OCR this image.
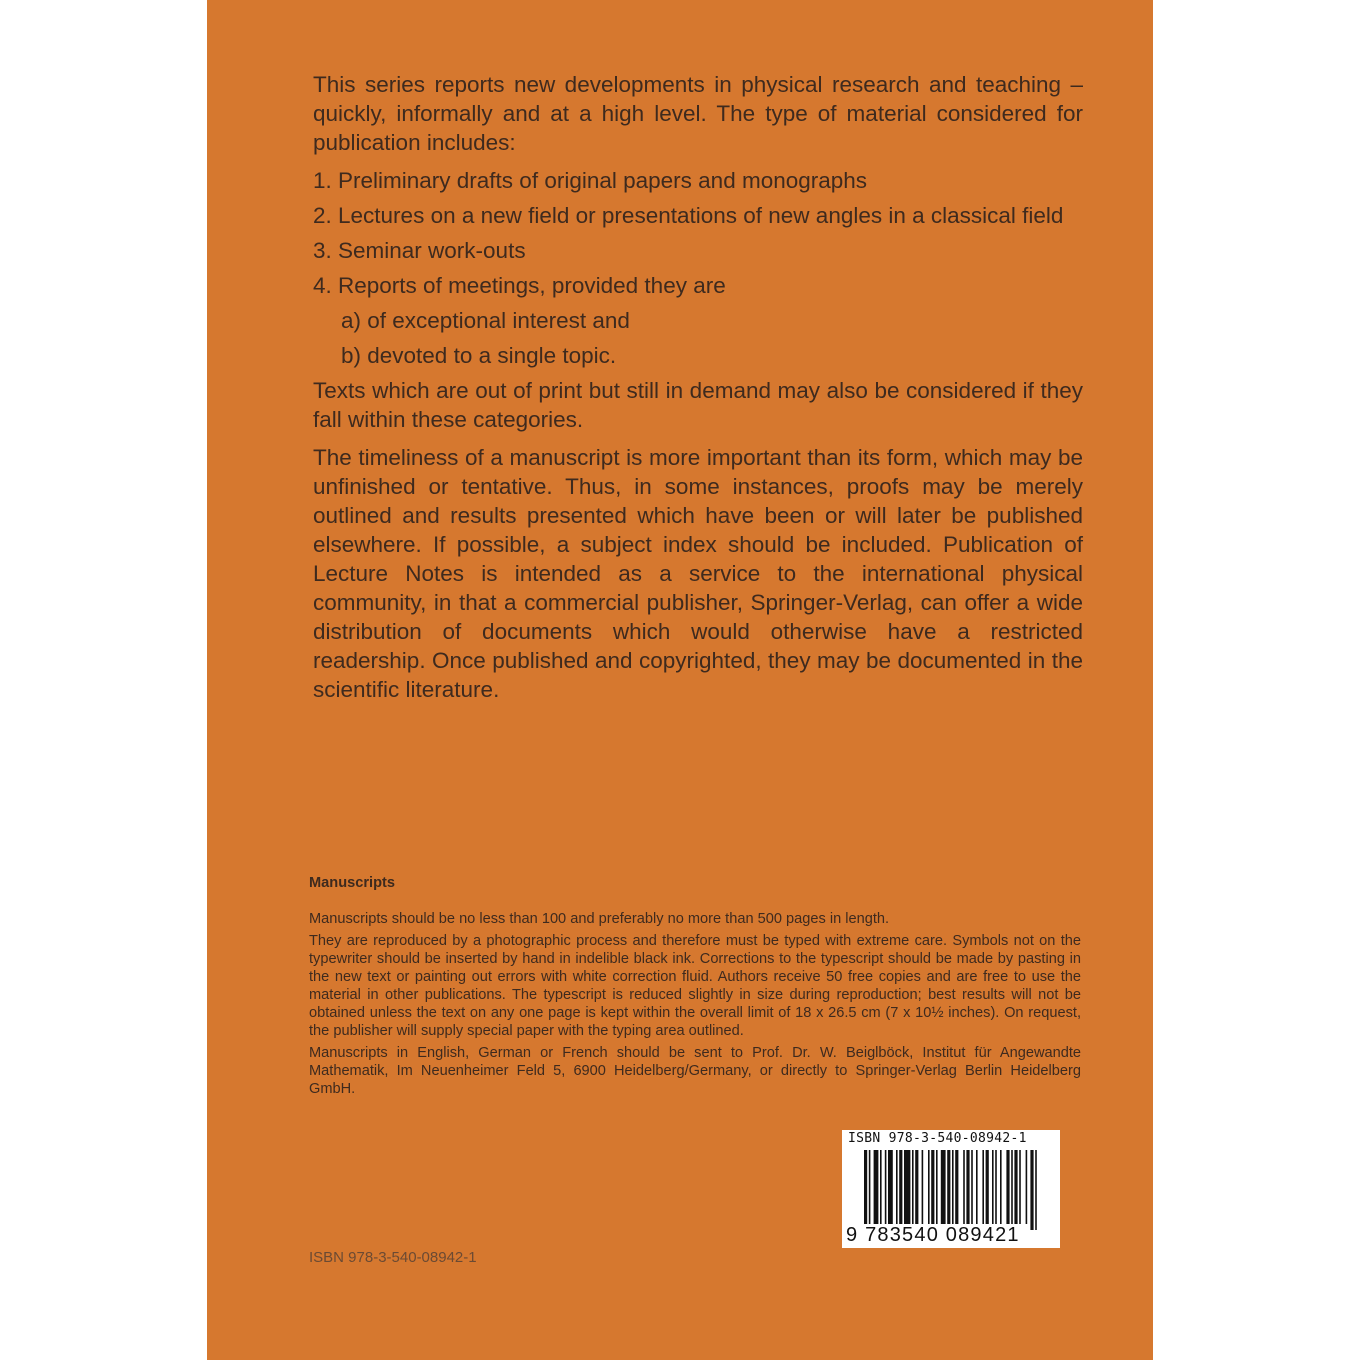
This series reports new developments in physical research and teaching – quickly, informally and at a high level. The type of material considered for publication includes:

1. Preliminary drafts of original papers and monographs
2. Lectures on a new field or presentations of new angles in a classical field
3. Seminar work-outs
4. Reports of meetings, provided they are
a) of exceptional interest and
b) devoted to a single topic.

Texts which are out of print but still in demand may also be considered if they fall within these categories.

The timeliness of a manuscript is more important than its form, which may be unfinished or tentative. Thus, in some instances, proofs may be merely outlined and results presented which have been or will later be published elsewhere. If possible, a subject index should be included. Publication of Lecture Notes is intended as a service to the international physical community, in that a commercial publisher, Springer-Verlag, can offer a wide distribution of documents which would otherwise have a restricted readership. Once published and copyrighted, they may be documented in the scientific literature.

Manuscripts

Manuscripts should be no less than 100 and preferably no more than 500 pages in length.

They are reproduced by a photographic process and therefore must be typed with extreme care. Symbols not on the typewriter should be inserted by hand in indelible black ink. Corrections to the typescript should be made by pasting in the new text or painting out errors with white correction fluid. Authors receive 50 free copies and are free to use the material in other publications. The typescript is reduced slightly in size during reproduction; best results will not be obtained unless the text on any one page is kept within the overall limit of 18 x 26.5 cm (7 x 10½ inches). On request, the publisher will supply special paper with the typing area outlined.

Manuscripts in English, German or French should be sent to Prof. Dr. W. Beiglböck, Institut für Angewandte Mathematik, Im Neuenheimer Feld 5, 6900 Heidelberg/Germany, or directly to Springer-Verlag Berlin Heidelberg GmbH.

ISBN 978-3-540-08942-1
9 783540 089421
ISBN 978-3-540-08942-1
